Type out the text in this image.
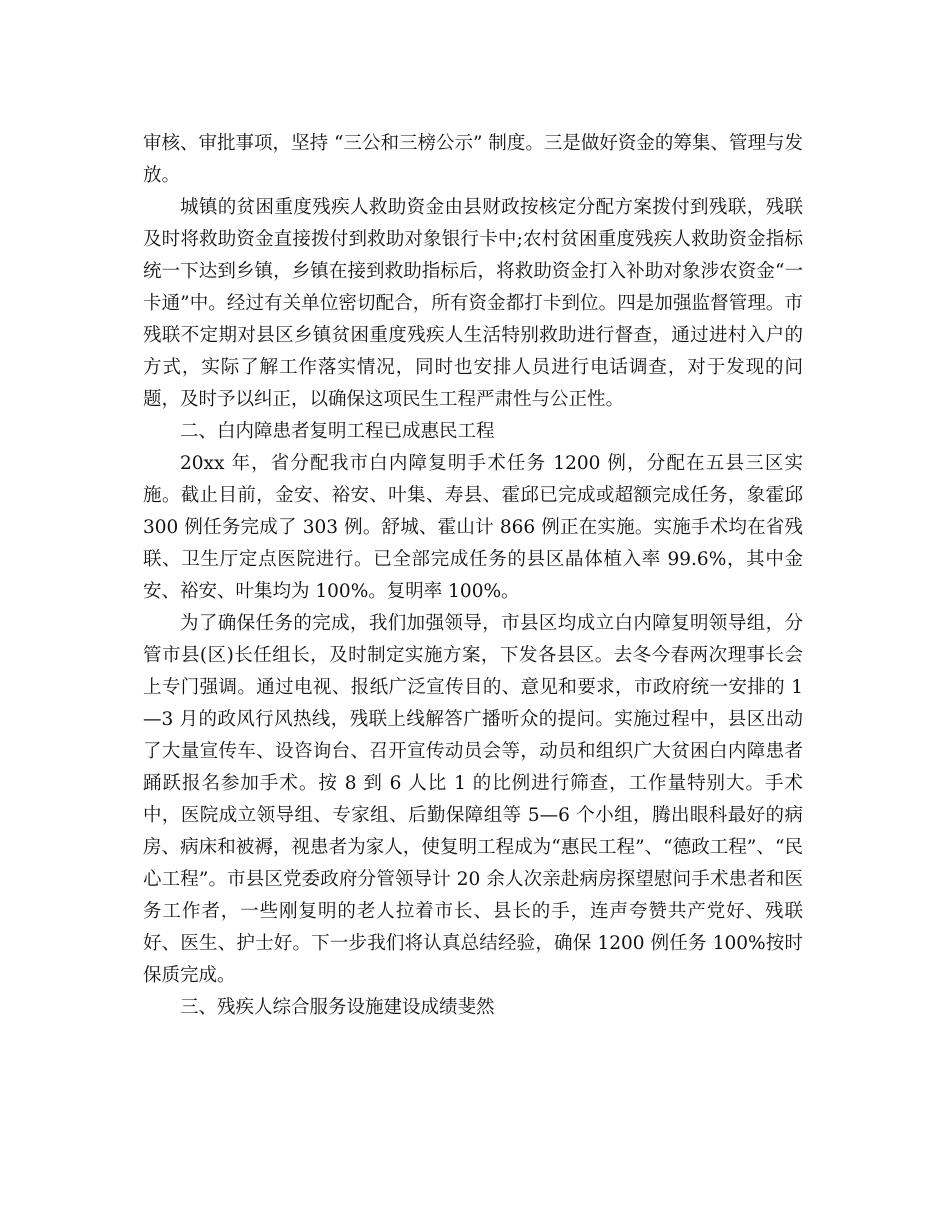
审核、审批事项，坚持 “三公和三榜公示” 制度。三是做好资金的筹集、管理与发放。

城镇的贫困重度残疾人救助资金由县财政按核定分配方案拨付到残联，残联及时将救助资金直接拨付到救助对象银行卡中;农村贫困重度残疾人救助资金指标统一下达到乡镇，乡镇在接到救助指标后，将救助资金打入补助对象涉农资金“一卡通”中。经过有关单位密切配合，所有资金都打卡到位。四是加强监督管理。市残联不定期对县区乡镇贫困重度残疾人生活特别救助进行督查，通过进村入户的方式，实际了解工作落实情况，同时也安排人员进行电话调查，对于发现的问题，及时予以纠正，以确保这项民生工程严肃性与公正性。

二、白内障患者复明工程已成惠民工程

20xx 年，省分配我市白内障复明手术任务 1200 例，分配在五县三区实施。截止目前，金安、裕安、叶集、寿县、霍邱已完成或超额完成任务，象霍邱 300 例任务完成了 303 例。舒城、霍山计 866 例正在实施。实施手术均在省残联、卫生厅定点医院进行。已全部完成任务的县区晶体植入率 99.6%，其中金安、裕安、叶集均为 100%。复明率 100%。

为了确保任务的完成，我们加强领导，市县区均成立白内障复明领导组，分管市县(区)长任组长，及时制定实施方案，下发各县区。去冬今春两次理事长会上专门强调。通过电视、报纸广泛宣传目的、意见和要求，市政府统一安排的 1—3 月的政风行风热线，残联上线解答广播听众的提问。实施过程中，县区出动了大量宣传车、设咨询台、召开宣传动员会等，动员和组织广大贫困白内障患者踊跃报名参加手术。按 8 到 6 人比 1 的比例进行筛查，工作量特别大。手术中，医院成立领导组、专家组、后勤保障组等 5—6 个小组，腾出眼科最好的病房、病床和被褥，视患者为家人，使复明工程成为“惠民工程”、“德政工程”、“民心工程”。市县区党委政府分管领导计 20 余人次亲赴病房探望慰问手术患者和医务工作者，一些刚复明的老人拉着市长、县长的手，连声夸赞共产党好、残联好、医生、护士好。下一步我们将认真总结经验，确保 1200 例任务 100%按时保质完成。

三、残疾人综合服务设施建设成绩斐然
